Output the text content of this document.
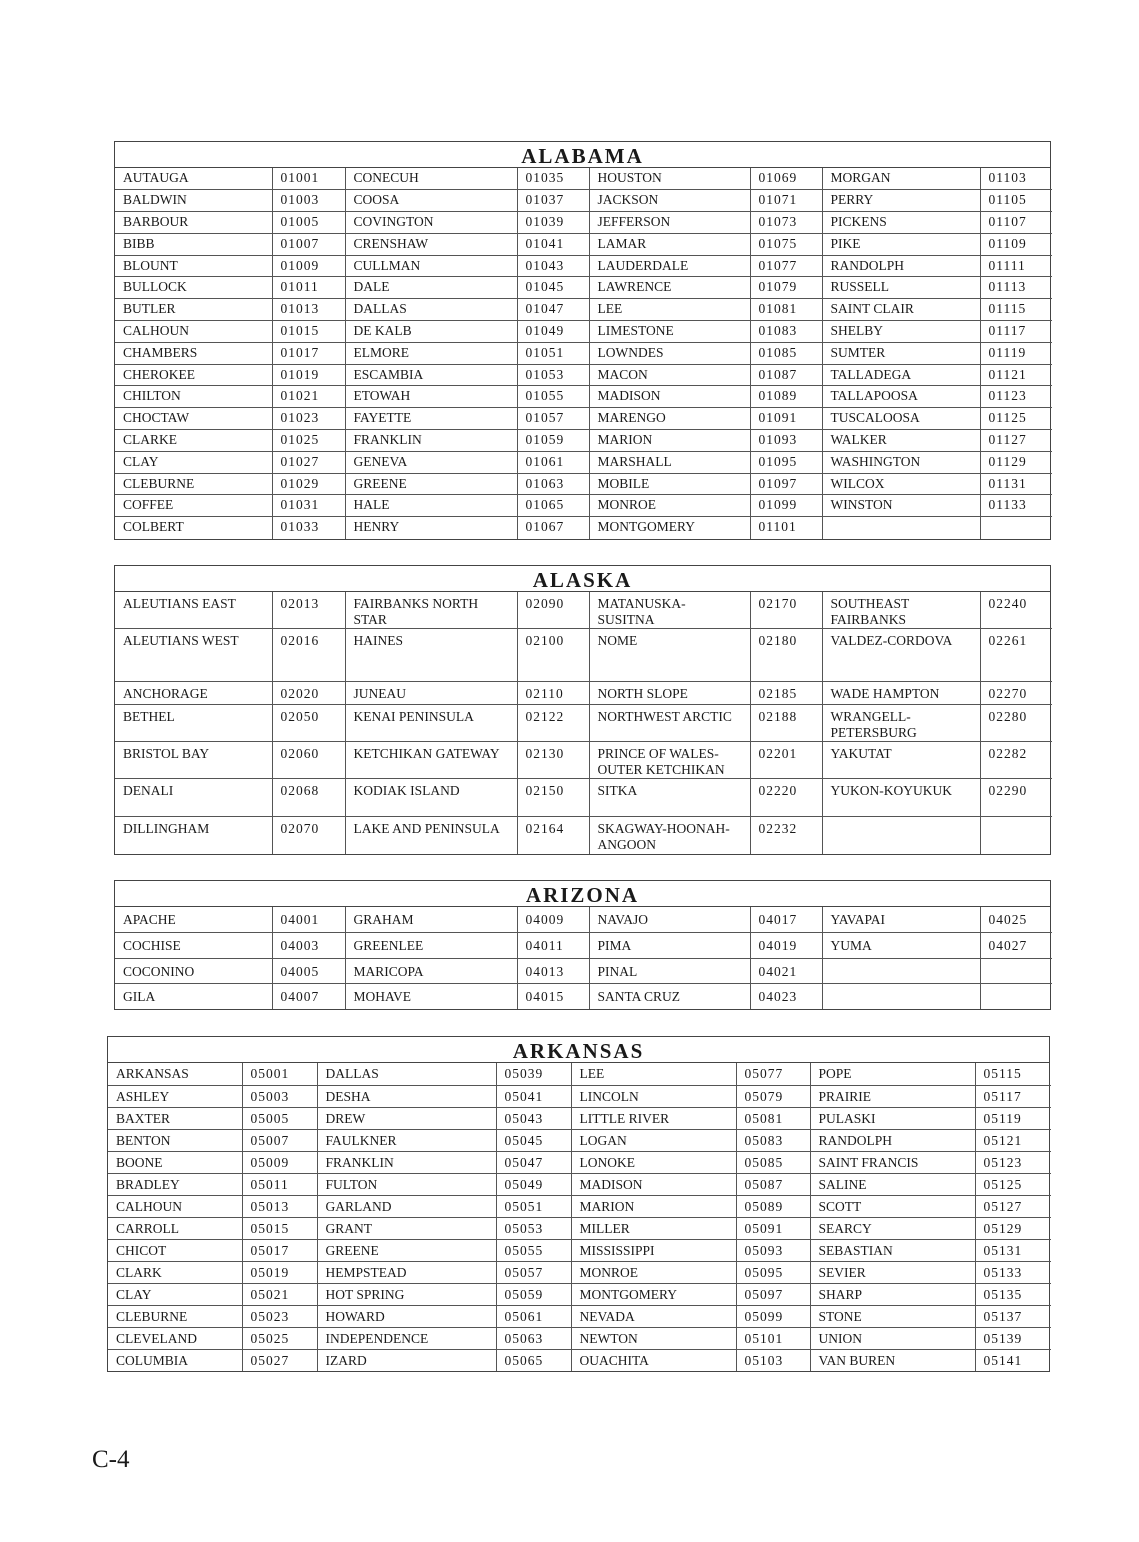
ALABAMA
AUTAUGA	01001	CONECUH	01035	HOUSTON	01069	MORGAN	01103
BALDWIN	01003	COOSA	01037	JACKSON	01071	PERRY	01105
BARBOUR	01005	COVINGTON	01039	JEFFERSON	01073	PICKENS	01107
BIBB	01007	CRENSHAW	01041	LAMAR	01075	PIKE	01109
BLOUNT	01009	CULLMAN	01043	LAUDERDALE	01077	RANDOLPH	01111
BULLOCK	01011	DALE	01045	LAWRENCE	01079	RUSSELL	01113
BUTLER	01013	DALLAS	01047	LEE	01081	SAINT CLAIR	01115
CALHOUN	01015	DE KALB	01049	LIMESTONE	01083	SHELBY	01117
CHAMBERS	01017	ELMORE	01051	LOWNDES	01085	SUMTER	01119
CHEROKEE	01019	ESCAMBIA	01053	MACON	01087	TALLADEGA	01121
CHILTON	01021	ETOWAH	01055	MADISON	01089	TALLAPOOSA	01123
CHOCTAW	01023	FAYETTE	01057	MARENGO	01091	TUSCALOOSA	01125
CLARKE	01025	FRANKLIN	01059	MARION	01093	WALKER	01127
CLAY	01027	GENEVA	01061	MARSHALL	01095	WASHINGTON	01129
CLEBURNE	01029	GREENE	01063	MOBILE	01097	WILCOX	01131
COFFEE	01031	HALE	01065	MONROE	01099	WINSTON	01133
COLBERT	01033	HENRY	01067	MONTGOMERY	01101		
ALASKA
ALEUTIANS EAST	02013	FAIRBANKS NORTH STAR	02090	MATANUSKA-SUSITNA	02170	SOUTHEAST FAIRBANKS	02240
ALEUTIANS WEST	02016	HAINES	02100	NOME	02180	VALDEZ-CORDOVA	02261
ANCHORAGE	02020	JUNEAU	02110	NORTH SLOPE	02185	WADE HAMPTON	02270
BETHEL	02050	KENAI PENINSULA	02122	NORTHWEST ARCTIC	02188	WRANGELL-PETERSBURG	02280
BRISTOL BAY	02060	KETCHIKAN GATEWAY	02130	PRINCE OF WALES-OUTER KETCHIKAN	02201	YAKUTAT	02282
DENALI	02068	KODIAK ISLAND	02150	SITKA	02220	YUKON-KOYUKUK	02290
DILLINGHAM	02070	LAKE AND PENINSULA	02164	SKAGWAY-HOONAH-ANGOON	02232		
ARIZONA
APACHE	04001	GRAHAM	04009	NAVAJO	04017	YAVAPAI	04025
COCHISE	04003	GREENLEE	04011	PIMA	04019	YUMA	04027
COCONINO	04005	MARICOPA	04013	PINAL	04021		
GILA	04007	MOHAVE	04015	SANTA CRUZ	04023		
ARKANSAS
ARKANSAS	05001	DALLAS	05039	LEE	05077	POPE	05115
ASHLEY	05003	DESHA	05041	LINCOLN	05079	PRAIRIE	05117
BAXTER	05005	DREW	05043	LITTLE RIVER	05081	PULASKI	05119
BENTON	05007	FAULKNER	05045	LOGAN	05083	RANDOLPH	05121
BOONE	05009	FRANKLIN	05047	LONOKE	05085	SAINT FRANCIS	05123
BRADLEY	05011	FULTON	05049	MADISON	05087	SALINE	05125
CALHOUN	05013	GARLAND	05051	MARION	05089	SCOTT	05127
CARROLL	05015	GRANT	05053	MILLER	05091	SEARCY	05129
CHICOT	05017	GREENE	05055	MISSISSIPPI	05093	SEBASTIAN	05131
CLARK	05019	HEMPSTEAD	05057	MONROE	05095	SEVIER	05133
CLAY	05021	HOT SPRING	05059	MONTGOMERY	05097	SHARP	05135
CLEBURNE	05023	HOWARD	05061	NEVADA	05099	STONE	05137
CLEVELAND	05025	INDEPENDENCE	05063	NEWTON	05101	UNION	05139
COLUMBIA	05027	IZARD	05065	OUACHITA	05103	VAN BUREN	05141
C-4
